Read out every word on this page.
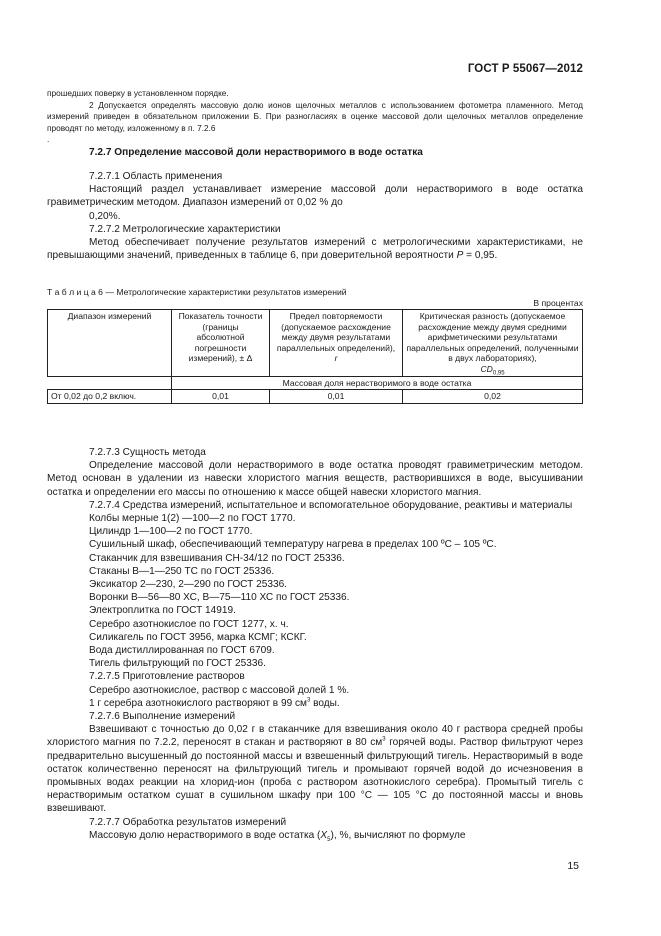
ГОСТ Р 55067—2012

прошедших поверку в установленном порядке.

2 Допускается определять массовую долю ионов щелочных металлов с использованием фотометра пламенного. Метод измерений приведен в обязательном приложении Б. При разногласиях в оценке массовой доли щелочных металлов определение проводят по методу, изложенному в п. 7.2.6

.

7.2.7 Определение массовой доли нерастворимого в воде остатка

7.2.7.1 Область применения

Настоящий раздел устанавливает измерение массовой доли нерастворимого в воде остатка гравиметрическим методом. Диапазон измерений от 0,02 % до

0,20%.

7.2.7.2 Метрологические характеристики

Метод обеспечивает получение результатов измерений с метрологическими характеристиками, не превышающими значений, приведенных в таблице 6, при доверительной вероятности P = 0,95.

Т а б л и ц а 6 — Метрологические характеристики результатов измерений
В процентах
Диапазон измерений	Показатель точности (границы абсолютной погрешности измерений), ± Δ	Предел повторяемости (допускаемое расхождение между двумя результатами параллельных определений), r	Критическая разность (допускаемое расхождение между двумя средними арифметическими результатами параллельных определений, полученными в двух лабораториях),
$CD_{0,95}$
	Массовая доля нерастворимого в воде остатка		
От 0,02 до 0,2 включ.	0,01	0,01	0,02

7.2.7.3 Сущность метода

Определение массовой доли нерастворимого в воде остатка проводят гравиметрическим методом. Метод основан в удалении из навески хлористого магния веществ, растворившихся в воде, высушивании остатка и определении его массы по отношению к массе общей навески хлористого магния.

7.2.7.4 Средства измерений, испытательное и вспомогательное оборудование, реактивы и материалы

Колбы мерные 1(2) —100—2 по ГОСТ 1770.

Цилиндр 1—100—2 по ГОСТ 1770.

Сушильный шкаф, обеспечивающий температуру нагрева в пределах 100 ºС – 105 ºС.

Стаканчик для взвешивания СН-34/12 по ГОСТ 25336.

Стаканы В—1—250 ТС по ГОСТ 25336.

Эксикатор 2—230, 2—290 по ГОСТ 25336.

Воронки В—56—80 ХС, В—75—110 ХС по ГОСТ 25336.

Электроплитка по ГОСТ 14919.

Серебро азотнокислое по ГОСТ 1277, х. ч.

Силикагель по ГОСТ 3956, марка КСМГ; КСКГ.

Вода дистиллированная по ГОСТ 6709.

Тигель фильтрующий по ГОСТ 25336.

7.2.7.5 Приготовление растворов

Серебро азотнокислое, раствор с массовой долей 1 %.

1 г серебра азотнокислого растворяют в 99 $см^3$ воды.

7.2.7.6 Выполнение измерений

Взвешивают с точностью до 0,02 г в стаканчике для взвешивания около 40 г раствора средней пробы хлористого магния по 7.2.2, переносят в стакан и растворяют в 80 $см^3$ горячей воды. Раствор фильтруют через предварительно высушенный до постоянной массы и взвешенный фильтрующий тигель. Нерастворимый в воде остаток количественно переносят на фильтрующий тигель и промывают горячей водой до исчезновения в промывных водах реакции на хлорид-ион (проба с раствором азотнокислого серебра). Промытый тигель с нерастворимым остатком сушат в сушильном шкафу при 100 °С — 105 °С до постоянной массы и вновь взвешивают.

7.2.7.7 Обработка результатов измерений

Массовую долю нерастворимого в воде остатка $(X_5)$, %, вычисляют по формуле

15
